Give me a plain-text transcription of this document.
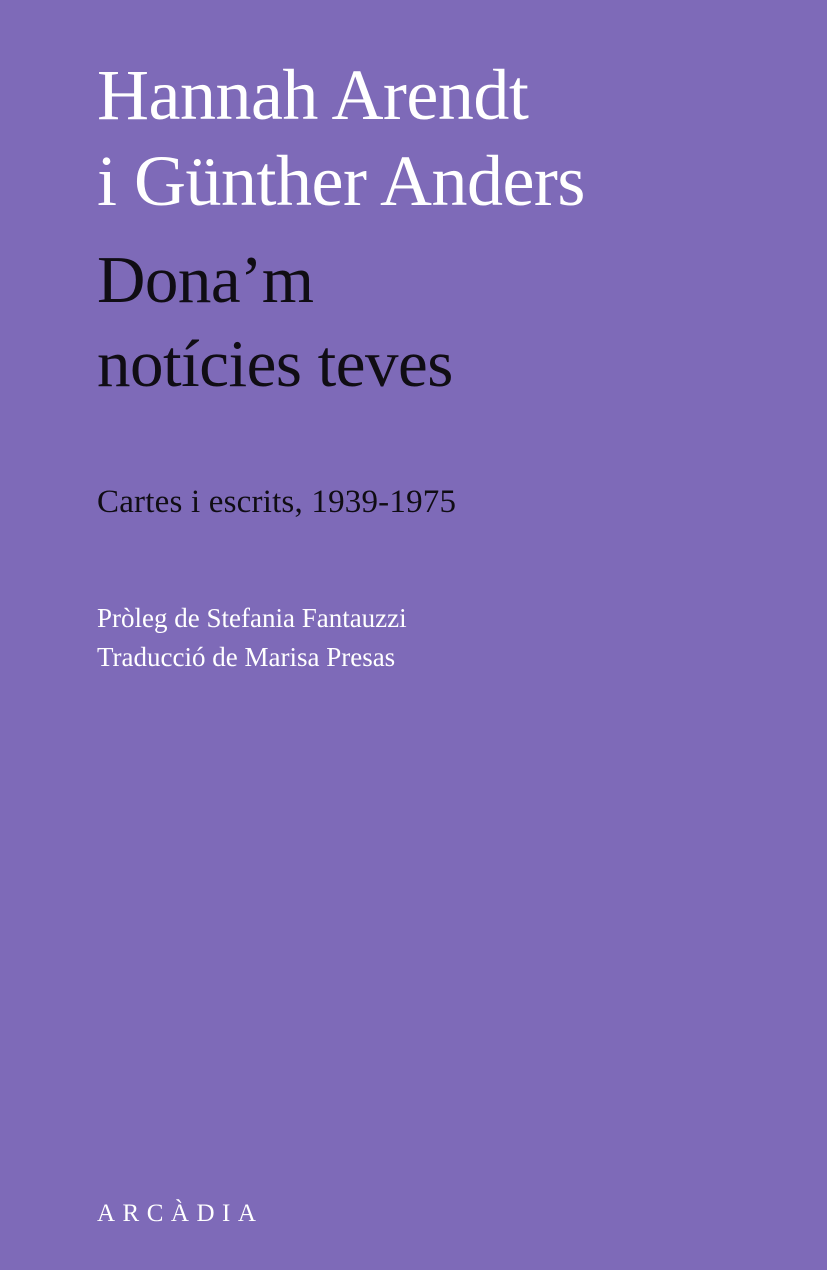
Hannah Arendt
i Günther Anders
Dona’m
notícies teves
Cartes i escrits, 1939-1975
Pròleg de Stefania Fantauzzi
Traducció de Marisa Presas
ARCÀDIA
